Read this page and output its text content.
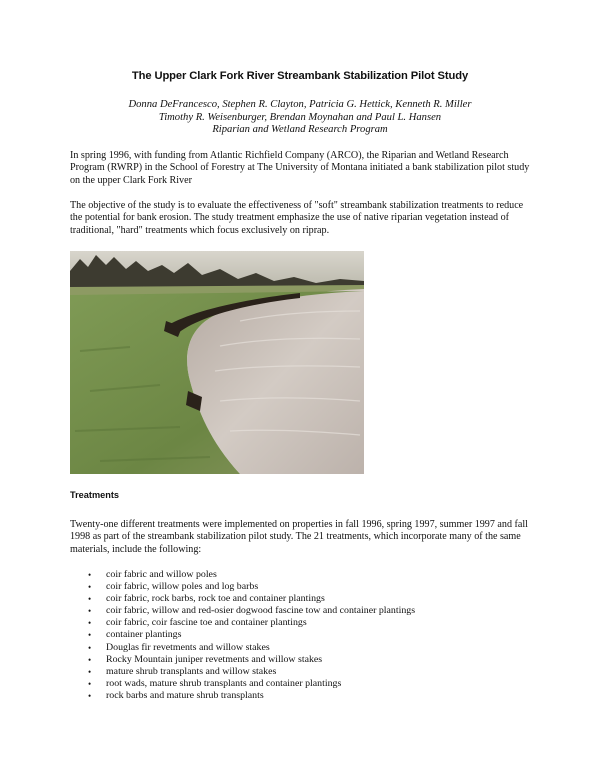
The Upper Clark Fork River Streambank Stabilization Pilot Study
Donna DeFrancesco, Stephen R. Clayton, Patricia G. Hettick, Kenneth R. Miller
Timothy R. Weisenburger, Brendan Moynahan and Paul L. Hansen
Riparian and Wetland Research Program

In spring 1996, with funding from Atlantic Richfield Company (ARCO), the Riparian and Wetland Research Program (RWRP) in the School of Forestry at The University of Montana initiated a bank stabilization pilot study on the upper Clark Fork River

The objective of the study is to evaluate the effectiveness of "soft" streambank stabilization treatments to reduce the potential for bank erosion. The study treatment emphasize the use of native riparian vegetation instead of traditional, "hard" treatments which focus exclusively on riprap.

Treatments

Twenty-one different treatments were implemented on properties in fall 1996, spring 1997, summer 1997 and fall 1998 as part of the streambank stabilization pilot study. The 21 treatments, which incorporate many of the same materials, include the following:

• coir fabric and willow poles
• coir fabric, willow poles and log barbs
• coir fabric, rock barbs, rock toe and container plantings
• coir fabric, willow and red-osier dogwood fascine tow and container plantings
• coir fabric, coir fascine toe and container plantings
• container plantings
• Douglas fir revetments and willow stakes
• Rocky Mountain juniper revetments and willow stakes
• mature shrub transplants and willow stakes
• root wads, mature shrub transplants and container plantings
• rock barbs and mature shrub transplants
